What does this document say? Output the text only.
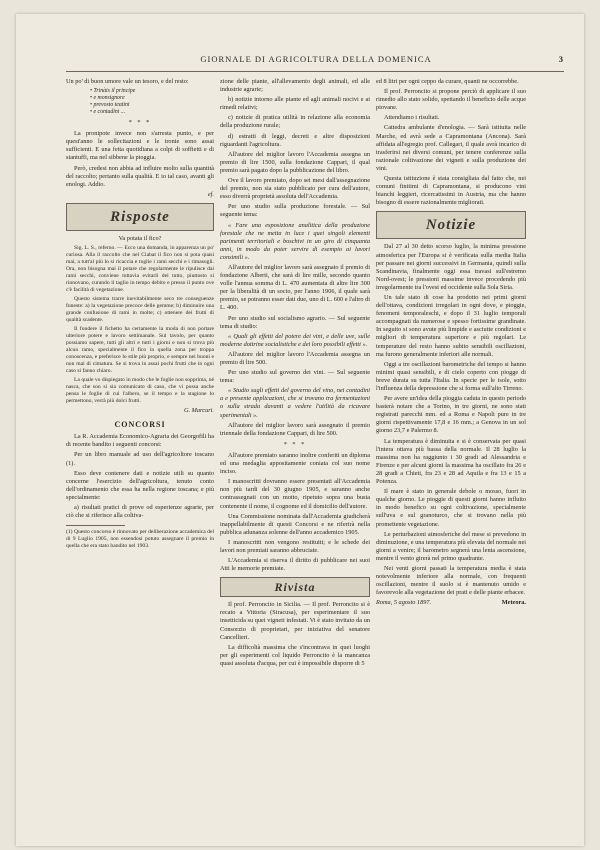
GIORNALE DI AGRICOLTURA DELLA DOMENICA	3

Un po' di buon umore vale un tesoro, e del resto:

• Trinàis il principe
• e monsignore
• prevosto teatini
• e contadini ...

* * *

La pronipote invece non s'arresta punto, e per quest'anno le sollecitazioni e le ironie sono assai sufficienti. E una fetta quotidiana a colpi di soffietti e di stantuffi, ma nel sibbene la pioggia.

Però, credesi non abbia ad influire molto sulla quantità del raccolto; pertanto sulla qualità. E io tal caso, avanti gli enologi. Addio.

ef.
Risposte

Va potata il fico?

Sig. L. S., referno. — Ecco una domanda, in apparenza un po' curiosa. Alla il raccolto che nel Ciabat il fico non si pota quasi mai, a tutt'al più lo si ricaccia e toglie i rami secchi e i rimasugli. Ora, non bisogna mai il potare che regolarmente le ripulisce dai rami secchi, conviene tuttavia evitarli del tutto, piuttosto si rinnovano, curando il taglio in tempo debito e presso il punto ove c'è facilità di vegetazione.

Questo sistema trarre inevitabilmente seco tre conseguenze funeste: a) la vegetazione precoce delle gemme; b) diminuire una grande confusione di rami in molte; c) ottenere dei frutti di qualità scadente.

Il fondere il fichetto ha certamente la moda di non portare ulteriore potere e lavoro settimanale. Sul tavolo, per quanto possiamo sapere, tutti gli altri e tutti i giorni e non si trova più alcun ramo, specialmente il fico in quella zona per troppa conoscenza, e preferisce lo stile più proprio, e sempre nei buoni e non mai di cimatura. Se si trova in assai pochi frutti che in ogni caso si fanno chiaro.

La quale vo dispiegato in modo che le foglie non sopprima, né nasca, che son si sia comunicato di caso, che vi possa anche pensa le foglie di cui l'albero, se il tempo e la stagione lo permettono, verrà più dolci frutti.

G. Marcuri.
CONCORSI

La R. Accademia Economico-Agraria dei Georgofili ha di recente bandito i seguenti concorsi:

Per un libro manuale ad uso dell'agricoltore toscano (1).

Esso deve contenere dati e notizie utili su quanto concerne l'esercizio dell'agricoltura, tenuto conto dell'ordinamento che essa ha nella regione toscana; e più specialmente:

a) risultati pratici di prove od esperienze agrarie, per ciò che si riferisce alla coltiva-

(1) Questo concorso è rinnovato per deliberazione accademica del di 9 Luglio 1905, non essendosi potuto assegnare il premio in quella che era stato bandito nel 1903.

zione delle piante, all'allevamento degli animali, ed alle industrie agrarie;

b) notizie intorno alle piante ed agli animali nocivi e ai rimedi relativi;

c) notizie di pratica utilità in relazione alla economia della produzione rurale;

d) estratti di leggi, decreti e altre disposizioni riguardanti l'agricoltura.

All'autore del miglior lavoro l'Accademia assegna un premio di lire 1500, sulla fondazione Cappari, il qual premio sarà pagato dopo la pubblicazione del libro.

Ove il lavoro premiato, dopo sei mesi dall'assegnazione del premio, non sia stato pubblicato per cura dell'autore, esso diverrà proprietà assoluta dell'Accademia.

Per uno studio sulla produzione forestale. — Sul seguente tema:

« Fare una esposizione analitica della produzione forestale che ne metta in luce i quei singoli elementi parimenti territoriali e boschivi in un giro di cinquanta anni, in modo da poter servire di esempio ai lavori consimili ».

All'autore del miglior lavoro sarà assegnato il premio di fondazione Alberti, che sarà di lire mille, secondo quanto volle l'annua somma di L. 470 aumentata di altre lire 300 per la liberalità di un socio, per l'anno 1906, il quale sarà premio, se potranno esser dati due, uno di L. 600 e l'altro di L. 400.

Per uno studio sul socialismo agrario. — Sul seguente tema di studio:

« Quali gli effetti del potere dei vini, e delle uve, sulle moderne dottrine socialistiche e dei loro possibili effetti ».

All'autore del miglior lavoro l'Accademia assegna un premio di lire 500.

Per uno studio sul governo dei vini. — Sul seguente tema:

« Studio sugli effetti del governo del vino, nei contadini a e presente applicazioni, che si trovano tra fermentazioni o sulla strada davanti a vedere l'utilità da ricavare sperimentali ».

All'autore del miglior lavoro sarà assegnato il premio triennale della fondazione Cappari, di lire 500.

* * *

All'autore premiato saranno inoltre conferiti un diploma ed una medaglia appositamente coniata col suo nome inciso.

I manoscritti dovranno essere presentati all'Accademia non più tardi del 30 giugno 1905, e saranno anche contrassegnati con un motto, ripetuto sopra una busta contenente il nome, il cognome ed il domicilio dell'autore.

Una Commissione nominata dall'Accademia giudicherà inappellabilmente di questi Concorsi e ne riferirà nella pubblica adunanza solenne dell'anno accademico 1905.

I manoscritti non vengono restituiti; e le schede dei lavori non premiati saranno abbruciate.

L'Accademia si riserva il diritto di pubblicare nei suoi Atti le memorie premiate.

Rivista

Il prof. Perroncito in Sicilia. — Il prof. Perroncito si è recato a Vittoria (Siracusa), per esperimentare il suo insetticida su quei vigneti infestati. Vi è stato invitato da un Consorzio di proprietari, per iniziativa del senatore Cancellieri.

La difficoltà massima che s'incontrava in quei luoghi per gli esperimenti col liquido Perroncito è la mancanza quasi assoluta d'acqua, per cui è impossibile disporre di 5

ed 8 litri per ogni ceppo da curare, quanti ne occorrebbe.

Il prof. Perroncito si propone perciò di applicare il suo rimedio allo stato solido, spettando il beneficio delle acque piovane.

Attendiamo i risultati.

Cattedra ambulante d'enologia. — Sarà istituita nelle Marche, ed avrà sede a Capramontana (Ancona). Sarà affidata all'egregio prof. Callegari, il quale avrà incarico di trasferirsi nei diversi comuni, per tenere conferenze sulla razionale coltivazione dei vigneti e sulla produzione dei vini.

Questa istituzione è stata consigliata dal fatto che, nei comuni finitimi di Capramontana, si producono vini bianchi leggieri, ricercatissimi in Austria, ma che hanno bisogno di essere razionalmente migliorati.

Notizie

Dal 27 al 30 detto scorso luglio, la minima pressione atmosferica per l'Europa si è verificata sulla media Italia per passare nei giorni successivi in Germania, quindi sulla Scandinavia, finalmente oggi essa travasi sull'estremo Nord-ovest; le pressioni massime invece procedendo più irregolarmente tra l'ovest ed occidente sulla Sola Siria.

Un tale stato di cose ha prodotto nei primi giorni dell'ottava, condizioni irregolari in ogni dove, e pioggie, fenomeni temporaleschi, e dopo il 31 luglio temporali accompagnati da numerose e spesso fortissime grandinate. In seguito si sono avute più limpide e asciutte condizioni e migliori di temperatura superiore e più regolari. Le temperature del resto hanno subito sensibili oscillazioni, ma furono generalmente inferiori alle normali.

Oggi a tre oscillazioni barometriche del tempo si hanno minimi quasi sensibili, e di cielo coperto con piogge di breve durata su tutta l'Italia. In specie per le isole, sotto l'influenza della depressione che si forma sull'alto Tirreno.

Per avere un'idea della pioggia caduta in questo periodo basterà notare che a Torino, in tre giorni, ne sono stati registrati parecchi mm. ed a Roma e Napoli pure in tre giorni rispettivamente 17,8 e 16 mm.; a Genova in un sol giorno 23,7 e Palermo 8.

La temperatura è diminuita e si è conservata per quasi l'intera ottava più bassa della normale. Il 28 luglio la massima non ha raggiunto i 30 gradi ad Alessandria e Firenze e per alcuni giorni la massima ha oscillato fra 26 e 28 gradi a Chieti, fra 23 e 28 ad Aquila e fra 13 e 15 a Potenza.

Il mare è stato in generale debole o mosso, fuori in qualche giorno. Le pioggie di questi giorni hanno influito in modo benefico su ogni coltivazione, specialmente sull'uva e sul granoturco, che si trovano nella più promettente vegetazione.

Le perturbazioni atmosferiche del mese si prevedono in diminuzione, e una temperatura più elevata del normale nei giorni a venire; il barometro segnerà una lenta ascensione, mentre il vento girerà nel primo quadrante.

Nei venti giorni passati la temperatura media è stata notevolmente inferiore alla normale, con frequenti oscillazioni, mentre il suolo si è mantenuto umido e favorevole alla vegetazione dei prati e delle piante erbacee.

Roma, 5 agosto 1897.	Meteora.
